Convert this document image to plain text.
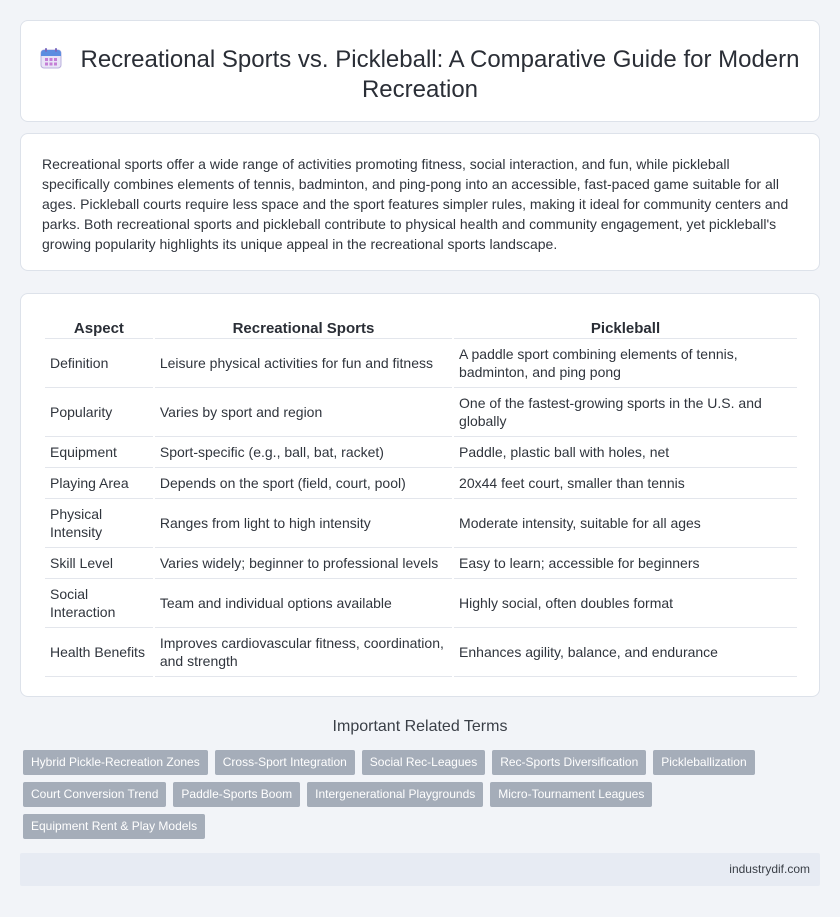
Recreational Sports vs. Pickleball: A Comparative Guide for Modern Recreation

Recreational sports offer a wide range of activities promoting fitness, social interaction, and fun, while pickleball specifically combines elements of tennis, badminton, and ping-pong into an accessible, fast-paced game suitable for all ages. Pickleball courts require less space and the sport features simpler rules, making it ideal for community centers and parks. Both recreational sports and pickleball contribute to physical health and community engagement, yet pickleball's growing popularity highlights its unique appeal in the recreational sports landscape.

Aspect	Recreational Sports	Pickleball
Definition	Leisure physical activities for fun and fitness	A paddle sport combining elements of tennis, badminton, and ping pong
Popularity	Varies by sport and region	One of the fastest-growing sports in the U.S. and globally
Equipment	Sport-specific (e.g., ball, bat, racket)	Paddle, plastic ball with holes, net
Playing Area	Depends on the sport (field, court, pool)	20x44 feet court, smaller than tennis
Physical Intensity	Ranges from light to high intensity	Moderate intensity, suitable for all ages
Skill Level	Varies widely; beginner to professional levels	Easy to learn; accessible for beginners
Social Interaction	Team and individual options available	Highly social, often doubles format
Health Benefits	Improves cardiovascular fitness, coordination, and strength	Enhances agility, balance, and endurance
Important Related Terms
Hybrid Pickle-Recreation Zones	Cross-Sport Integration	Social Rec-Leagues	Rec-Sports Diversification	Pickleballization
Court Conversion Trend	Paddle-Sports Boom	Intergenerational Playgrounds	Micro-Tournament Leagues
Equipment Rent & Play Models
industrydif.com
